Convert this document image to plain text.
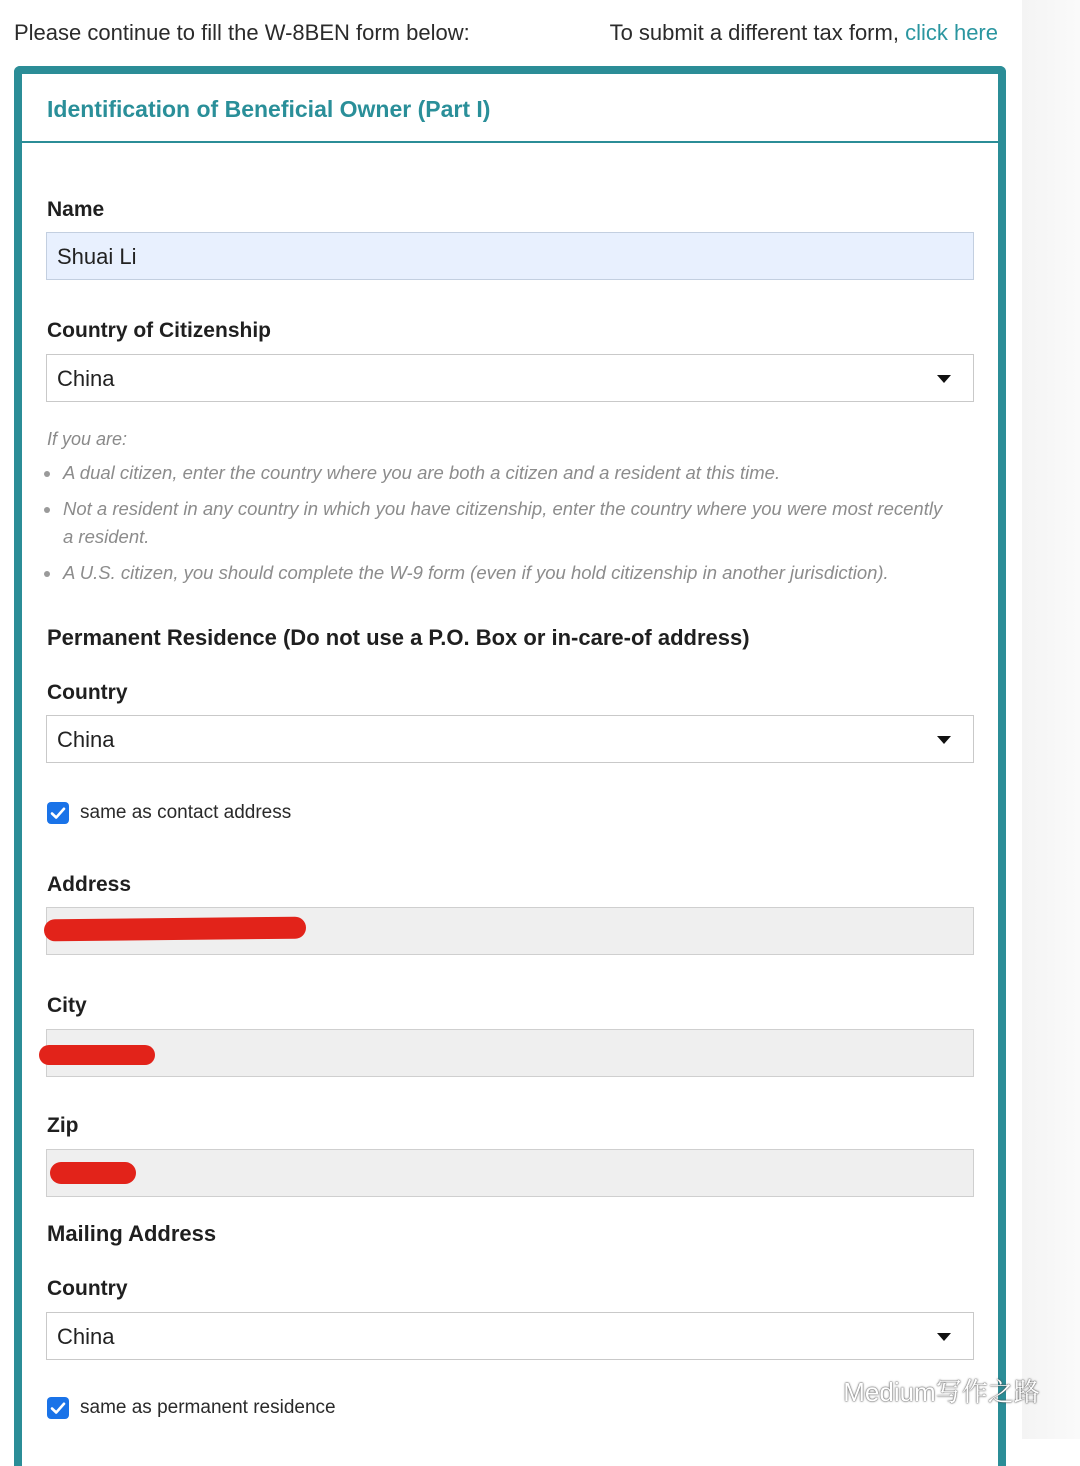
Please continue to fill the W-8BEN form below:	To submit a different tax form, click here
Identification of Beneficial Owner (Part I)
Name
Shuai Li
Country of Citizenship
China
If you are:
A dual citizen, enter the country where you are both a citizen and a resident at this time.
Not a resident in any country in which you have citizenship, enter the country where you were most recently a resident.
A U.S. citizen, you should complete the W-9 form (even if you hold citizenship in another jurisdiction).
Permanent Residence (Do not use a P.O. Box or in-care-of address)
Country
China
same as contact address
Address
City
Zip
Mailing Address
Country
China
same as permanent residence
Medium写作之路
